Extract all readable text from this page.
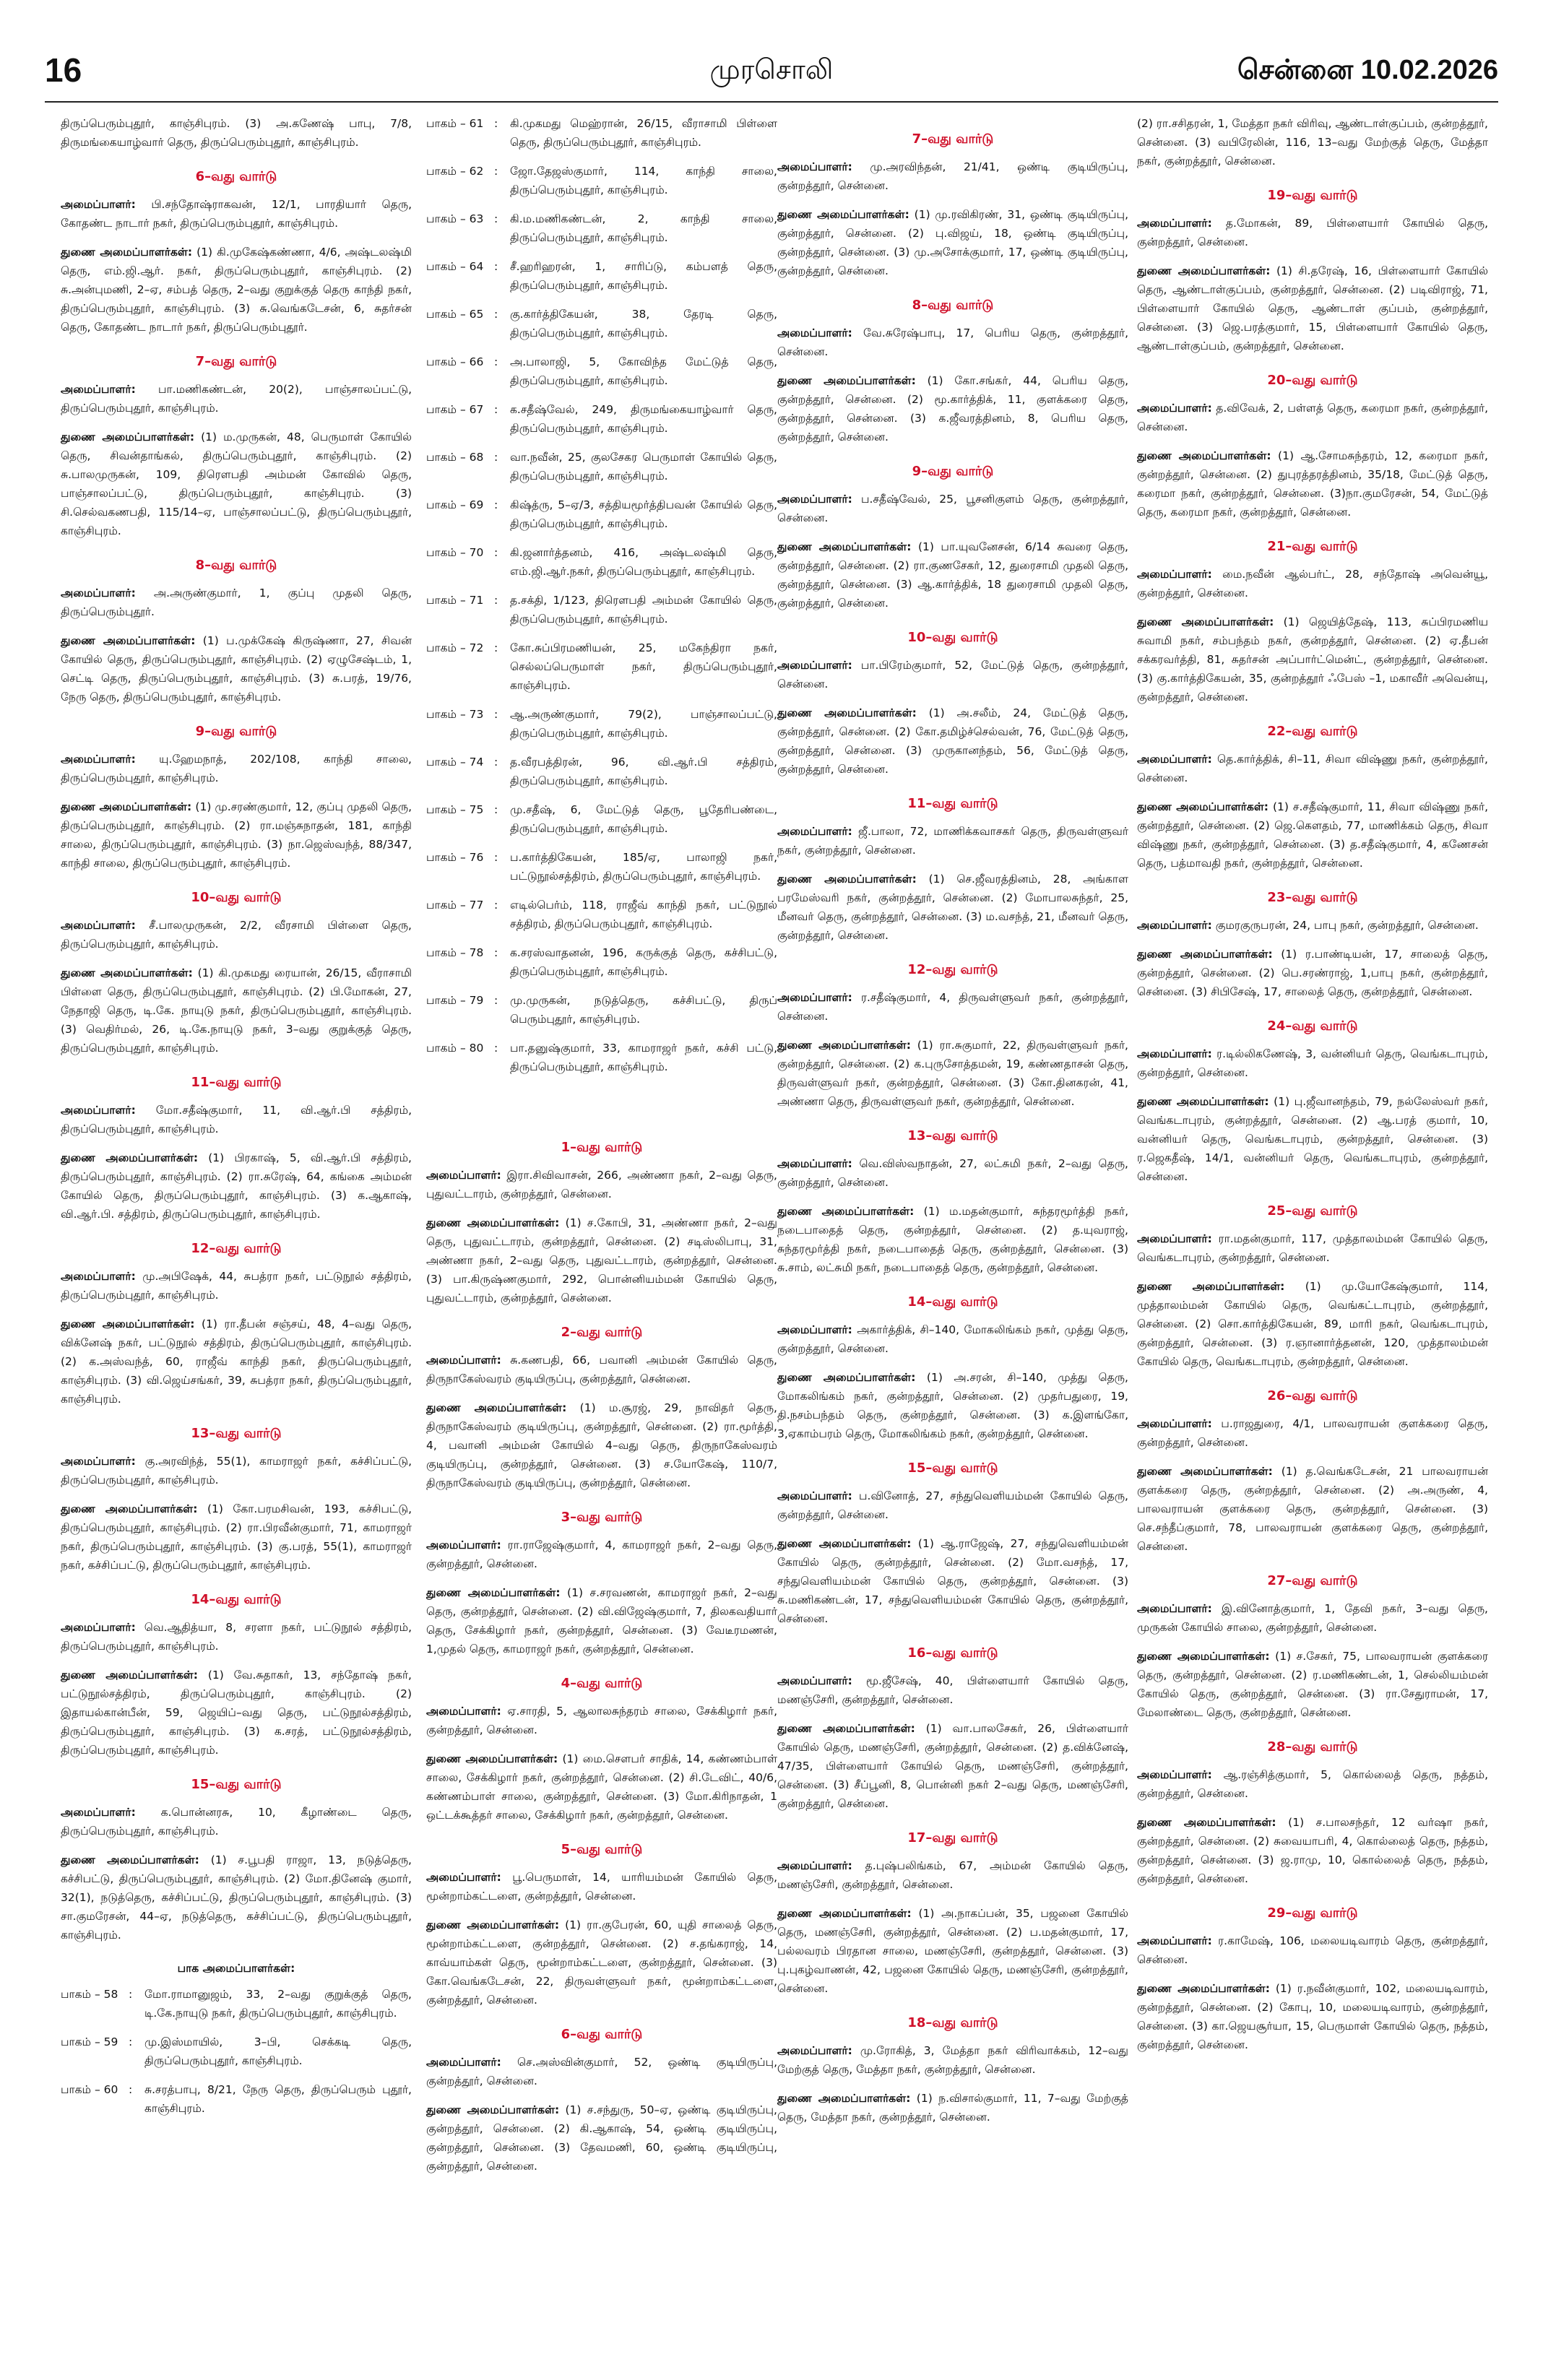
16	முரசொலி	சென்னை 10.02.2026

திருப்பெரும்புதூர், காஞ்சிபுரம். (3) அ.கணேஷ் பாபு, 7/8, திருமங்கையாழ்வார் தெரு, திருப்பெரும்புதூர், காஞ்சிபுரம்.

6–வது வார்டு

அமைப்பாளர்: பி.சந்தோஷ்ராகவன், 12/1, பாரதியார் தெரு, கோதண்ட நாடார் நகர், திருப்பெரும்புதூர், காஞ்சிபுரம்.

துணை அமைப்பாளர்கள்: (1) கி.முகேஷ்கண்ணா, 4/6, அஷ்டலஷ்மி தெரு, எம்.ஜி.ஆர். நகர், திருப்பெரும்புதூர், காஞ்சிபுரம். (2) சு.அன்புமணி, 2–ஏ, சம்பத் தெரு, 2–வது குறுக்குத் தெரு காந்தி நகர், திருப்பெரும்புதூர், காஞ்சிபுரம். (3) சு.வெங்கடேசன், 6, சுதர்சன் தெரு, கோதண்ட நாடார் நகர், திருப்பெரும்புதூர்.

7–வது வார்டு

அமைப்பாளர்: பா.மணிகண்டன், 20(2), பாஞ்சாலப்பட்டு, திருப்பெரும்புதூர், காஞ்சிபுரம்.

துணை அமைப்பாளர்கள்: (1) ம.முருகன், 48, பெருமாள் கோயில் தெரு, சிவன்தாங்கல், திருப்பெரும்புதூர், காஞ்சிபுரம். (2) சு.பாலமுருகன், 109, திரௌபதி அம்மன் கோவில் தெரு, பாஞ்சாலப்பட்டு, திருப்பெரும்புதூர், காஞ்சிபுரம். (3) சி.செல்வகணபதி, 115/14–ஏ, பாஞ்சாலப்பட்டு, திருப்பெரும்புதூர், காஞ்சிபுரம்.

8–வது வார்டு

அமைப்பாளர்: அ.அருண்குமார், 1, குப்பு முதலி தெரு, திருப்பெரும்புதூர்.

துணை அமைப்பாளர்கள்: (1) ப.முக்கேஷ் கிருஷ்ணா, 27, சிவன் கோயில் தெரு, திருப்பெரும்புதூர், காஞ்சிபுரம். (2) ஏழுசேஷ்டம், 1, செட்டி தெரு, திருப்பெரும்புதூர், காஞ்சிபுரம். (3) சு.பரத், 19/76, நேரு தெரு, திருப்பெரும்புதூர், காஞ்சிபுரம்.

9–வது வார்டு

அமைப்பாளர்: யு.ஹேமநாத், 202/108, காந்தி சாலை, திருப்பெரும்புதூர், காஞ்சிபுரம்.

துணை அமைப்பாளர்கள்: (1) மு.சரண்குமார், 12, குப்பு முதலி தெரு, திருப்பெரும்புதூர், காஞ்சிபுரம். (2) ரா.மஞ்சுநாதன், 181, காந்தி சாலை, திருப்பெரும்புதூர், காஞ்சிபுரம். (3) நா.ஜெஸ்வந்த், 88/347, காந்தி சாலை, திருப்பெரும்புதூர், காஞ்சிபுரம்.

10–வது வார்டு

அமைப்பாளர்: சீ.பாலமுருகன், 2/2, வீரசாமி பிள்ளை தெரு, திருப்பெரும்புதூர், காஞ்சிபுரம்.

துணை அமைப்பாளர்கள்: (1) கி.முகமது ரையான், 26/15, வீராசாமி பிள்ளை தெரு, திருப்பெரும்புதூர், காஞ்சிபுரம். (2) பி.மோகன், 27, நேதாஜி தெரு, டி.கே. நாயுடு நகர், திருப்பெரும்புதூர், காஞ்சிபுரம். (3) வெதிர்மல், 26, டி.கே.நாயுடு நகர், 3–வது குறுக்குத் தெரு, திருப்பெரும்புதூர், காஞ்சிபுரம்.

11–வது வார்டு

அமைப்பாளர்: மோ.சதீஷ்குமார், 11, வி.ஆர்.பி சத்திரம், திருப்பெரும்புதூர், காஞ்சிபுரம்.

துணை அமைப்பாளர்கள்: (1) பிரகாஷ், 5, வி.ஆர்.பி சத்திரம், திருப்பெரும்புதூர், காஞ்சிபுரம். (2) ரா.சுரேஷ், 64, கங்கை அம்மன் கோயில் தெரு, திருப்பெரும்புதூர், காஞ்சிபுரம். (3) க.ஆகாஷ், வி.ஆர்.பி. சத்திரம், திருப்பெரும்புதூர், காஞ்சிபுரம்.

12–வது வார்டு

அமைப்பாளர்: மு.அபிஷேக், 44, சுபத்ரா நகர், பட்டுநூல் சத்திரம், திருப்பெரும்புதூர், காஞ்சிபுரம்.

துணை அமைப்பாளர்கள்: (1) ரா.தீபன் சஞ்சய், 48, 4–வது தெரு, விக்னேஷ் நகர், பட்டுநூல் சத்திரம், திருப்பெரும்புதூர், காஞ்சிபுரம். (2) க.அஸ்வந்த், 60, ராஜீவ் காந்தி நகர், திருப்பெரும்புதூர், காஞ்சிபுரம். (3) வி.ஜெய்சங்கர், 39, சுபத்ரா நகர், திருப்பெரும்புதூர், காஞ்சிபுரம்.

13–வது வார்டு

அமைப்பாளர்: கு.அரவிந்த், 55(1), காமராஜர் நகர், கச்சிப்பட்டு, திருப்பெரும்புதூர், காஞ்சிபுரம்.

துணை அமைப்பாளர்கள்: (1) கோ.பரமசிவன், 193, கச்சிபட்டு, திருப்பெரும்புதூர், காஞ்சிபுரம். (2) ரா.பிரவீன்குமார், 71, காமராஜர் நகர், திருப்பெரும்புதூர், காஞ்சிபுரம். (3) கு.பரத், 55(1), காமராஜர் நகர், கச்சிப்பட்டு, திருப்பெரும்புதூர், காஞ்சிபுரம்.

14–வது வார்டு

அமைப்பாளர்: வெ.ஆதித்யா, 8, சரளா நகர், பட்டுநூல் சத்திரம், திருப்பெரும்புதூர், காஞ்சிபுரம்.

துணை அமைப்பாளர்கள்: (1) வே.சுதாகர், 13, சந்தோஷ் நகர், பட்டுநூல்சத்திரம், திருப்பெரும்புதூர், காஞ்சிபுரம். (2) இதாயல்கான்பீன், 59, ஜெயிப்–வது தெரு, பட்டுநூல்சத்திரம், திருப்பெரும்புதூர், காஞ்சிபுரம். (3) க.சரத், பட்டுநூல்சத்திரம், திருப்பெரும்புதூர், காஞ்சிபுரம்.

15–வது வார்டு

அமைப்பாளர்: க.பொன்னரசு, 10, கீழாண்டை தெரு, திருப்பெரும்புதூர், காஞ்சிபுரம்.

துணை அமைப்பாளர்கள்: (1) ச.பூபதி ராஜா, 13, நடுத்தெரு, கச்சிபட்டு, திருப்பெரும்புதூர், காஞ்சிபுரம். (2) மோ.தினேஷ் குமார், 32(1), நடுத்தெரு, கச்சிப்பட்டு, திருப்பெரும்புதூர், காஞ்சிபுரம். (3) சா.குமரேசன், 44–ஏ, நடுத்தெரு, கச்சிப்பட்டு, திருப்பெரும்புதூர், காஞ்சிபுரம்.

பாக அமைப்பாளர்கள்:
பாகம் – 58 :	மோ.ராமானுஜம், 33, 2–வது குறுக்குத் தெரு, டி.கே.நாயுடு நகர், திருப்பெரும்புதூர், காஞ்சிபுரம்.
பாகம் – 59 :	மு.இஸ்மாயில், 3–பி, செக்கடி தெரு, திருப்பெரும்புதூர், காஞ்சிபுரம்.
பாகம் – 60 :	சு.சரத்பாபு, 8/21, நேரு தெரு, திருப்பெரும் புதூர், காஞ்சிபுரம்.
பாகம் – 61 :	கி.முகமது மெஹ்ரான், 26/15, வீராசாமி பிள்ளை தெரு, திருப்பெரும்புதூர், காஞ்சிபுரம்.
பாகம் – 62 :	ஜோ.தேஜஸ்குமார், 114, காந்தி சாலை, திருப்பெரும்புதூர், காஞ்சிபுரம்.
பாகம் – 63 :	கி.ம.மணிகண்டன், 2, காந்தி சாலை, திருப்பெரும்புதூர், காஞ்சிபுரம்.
பாகம் – 64 :	சீ.ஹரிஹரன், 1, சாரிப்டு, கம்பளத் தெரு, திருப்பெரும்புதூர், காஞ்சிபுரம்.
பாகம் – 65 :	கு.கார்த்திகேயன், 38, தேரடி தெரு, திருப்பெரும்புதூர், காஞ்சிபுரம்.
பாகம் – 66 :	அ.பாலாஜி, 5, கோவிந்த மேட்டுத் தெரு, திருப்பெரும்புதூர், காஞ்சிபுரம்.
பாகம் – 67 :	க.சதீஷ்வேல், 249, திருமங்கையாழ்வார் தெரு, திருப்பெரும்புதூர், காஞ்சிபுரம்.
பாகம் – 68 :	வா.நவீன், 25, குலசேகர பெருமாள் கோயில் தெரு, திருப்பெரும்புதூர், காஞ்சிபுரம்.
பாகம் – 69 :	கிஷ்த்ரு, 5–ஏ/3, சத்தியமூர்த்திபவன் கோயில் தெரு, திருப்பெரும்புதூர், காஞ்சிபுரம்.
பாகம் – 70 :	கி.ஜனார்த்தனம், 416, அஷ்டலஷ்மி தெரு, எம்.ஜி.ஆர்.நகர், திருப்பெரும்புதூர், காஞ்சிபுரம்.
பாகம் – 71 :	த.சக்தி, 1/123, திரௌபதி அம்மன் கோயில் தெரு, திருப்பெரும்புதூர், காஞ்சிபுரம்.
பாகம் – 72 :	கோ.சுப்பிரமணியன், 25, மகேந்திரா நகர், செல்லப்பெருமாள் நகர், திருப்பெரும்புதூர், காஞ்சிபுரம்.
பாகம் – 73 :	ஆ.அருண்குமார், 79(2), பாஞ்சாலப்பட்டு, திருப்பெரும்புதூர், காஞ்சிபுரம்.
பாகம் – 74 :	த.வீரபத்திரன், 96, வி.ஆர்.பி சத்திரம், திருப்பெரும்புதூர், காஞ்சிபுரம்.
பாகம் – 75 :	மு.சதீஷ், 6, மேட்டுத் தெரு, பூதேரிபண்டை, திருப்பெரும்புதூர், காஞ்சிபுரம்.
பாகம் – 76 :	ப.கார்த்திகேயன், 185/ஏ, பாலாஜி நகர், பட்டுநூல்சத்திரம், திருப்பெரும்புதூர், காஞ்சிபுரம்.
பாகம் – 77 :	எடில்பெர்ம், 118, ராஜீவ் காந்தி நகர், பட்டுநூல் சத்திரம், திருப்பெரும்புதூர், காஞ்சிபுரம்.
பாகம் – 78 :	க.சரஸ்வாதனன், 196, கருக்குத் தெரு, கச்சிபட்டு, திருப்பெரும்புதூர், காஞ்சிபுரம்.
பாகம் – 79 :	மு.முருகன், நடுத்தெரு, கச்சிபட்டு, திருப் பெரும்புதூர், காஞ்சிபுரம்.
பாகம் – 80 :	பா.தனுஷ்குமார், 33, காமராஜர் நகர், கச்சி பட்டு, திருப்பெரும்புதூர், காஞ்சிபுரம்.
1–வது வார்டு

அமைப்பாளர்: இரா.சிவிவாசன், 266, அண்ணா நகர், 2–வது தெரு, புதுவட்டாரம், குன்றத்தூர், சென்னை.

துணை அமைப்பாளர்கள்: (1) ச.கோபி, 31, அண்ணா நகர், 2–வது தெரு, புதுவட்டாரம், குன்றத்தூர், சென்னை. (2) சடிஸ்லிபாபு, 31, அண்ணா நகர், 2–வது தெரு, புதுவட்டாரம், குன்றத்தூர், சென்னை. (3) பா.கிருஷ்ணகுமார், 292, பொன்னியம்மன் கோயில் தெரு, புதுவட்டாரம், குன்றத்தூர், சென்னை.

2–வது வார்டு

அமைப்பாளர்: சு.கணபதி, 66, பவானி அம்மன் கோயில் தெரு, திருநாகேஸ்வரம் குடியிருப்பு, குன்றத்தூர், சென்னை.

துணை அமைப்பாளர்கள்: (1) ம.சூரஜ், 29, நாவிதர் தெரு, திருநாகேஸ்வரம் குடியிருப்பு, குன்றத்தூர், சென்னை. (2) ரா.மூர்த்தி, 4, பவானி அம்மன் கோயில் 4–வது தெரு, திருநாகேஸ்வரம் குடியிருப்பு, குன்றத்தூர், சென்னை. (3) ச.யோகேஷ், 110/7, திருநாகேஸ்வரம் குடியிருப்பு, குன்றத்தூர், சென்னை.

3–வது வார்டு

அமைப்பாளர்: ரா.ராஜேஷ்குமார், 4, காமராஜர் நகர், 2–வது தெரு, குன்றத்தூர், சென்னை.

துணை அமைப்பாளர்கள்: (1) ச.சரவணன், காமராஜர் நகர், 2–வது தெரு, குன்றத்தூர், சென்னை. (2) வி.விஜேஷ்குமார், 7, திலகவதியார் தெரு, சேக்கிழார் நகர், குன்றத்தூர், சென்னை. (3) வேடீரமணன், 1,முதல் தெரு, காமராஜர் நகர், குன்றத்தூர், சென்னை.

4–வது வார்டு

அமைப்பாளர்: ஏ.சாரதி, 5, ஆலாலசுந்தரம் சாலை, சேக்கிழார் நகர், குன்றத்தூர், சென்னை.

துணை அமைப்பாளர்கள்: (1) மை.செளபர் சாதிக், 14, கண்ணம்பாள் சாலை, சேக்கிழார் நகர், குன்றத்தூர், சென்னை. (2) சி.டேவிட், 40/6, கண்ணம்பாள் சாலை, குன்றத்தூர், சென்னை. (3) மோ.கிரிநாதன், 1 ஒட்டக்கூத்தர் சாலை, சேக்கிழார் நகர், குன்றத்தூர், சென்னை.

5–வது வார்டு

அமைப்பாளர்: பூ.பெருமாள், 14, யாரியம்மன் கோயில் தெரு, மூன்றாம்கட்டளை, குன்றத்தூர், சென்னை.

துணை அமைப்பாளர்கள்: (1) ரா.குபேரன், 60, யுதி சாலைத் தெரு, மூன்றாம்கட்டளை, குன்றத்தூர், சென்னை. (2) ச.தங்கராஜ், 14, காவ்யாம்கள் தெரு, மூன்றாம்கட்டளை, குன்றத்தூர், சென்னை. (3) கோ.வெங்கடேசன், 22, திருவள்ளுவர் நகர், மூன்றாம்கட்டளை, குன்றத்தூர், சென்னை.

6–வது வார்டு

அமைப்பாளர்: செ.அஸ்வின்குமார், 52, ஒண்டி குடியிருப்பு, குன்றத்தூர், சென்னை.

துணை அமைப்பாளர்கள்: (1) ச.சந்துரு, 50–ஏ, ஒண்டி குடியிருப்பு, குன்றத்தூர், சென்னை. (2) கி.ஆகாஷ், 54, ஒண்டி குடியிருப்பு, குன்றத்தூர், சென்னை. (3) தேவமணி, 60, ஒண்டி குடியிருப்பு, குன்றத்தூர், சென்னை.

7–வது வார்டு

அமைப்பாளர்: மு.அரவிந்தன், 21/41, ஒண்டி குடியிருப்பு, குன்றத்தூர், சென்னை.

துணை அமைப்பாளர்கள்: (1) மு.ரவிகிரண், 31, ஒண்டி குடியிருப்பு, குன்றத்தூர், சென்னை. (2) பு.விஜய், 18, ஒண்டி குடியிருப்பு, குன்றத்தூர், சென்னை. (3) மு.அசோக்குமார், 17, ஒண்டி குடியிருப்பு, குன்றத்தூர், சென்னை.

8–வது வார்டு

அமைப்பாளர்: வே.சுரேஷ்பாபு, 17, பெரிய தெரு, குன்றத்தூர், சென்னை.

துணை அமைப்பாளர்கள்: (1) கோ.சங்கர், 44, பெரிய தெரு, குன்றத்தூர், சென்னை. (2) மூ.கார்த்திக், 11, குளக்கரை தெரு, குன்றத்தூர், சென்னை. (3) க.ஜீவரத்தினம், 8, பெரிய தெரு, குன்றத்தூர், சென்னை.

9–வது வார்டு

அமைப்பாளர்: ப.சதீஷ்வேல், 25, பூசனிகுளம் தெரு, குன்றத்தூர், சென்னை.

துணை அமைப்பாளர்கள்: (1) பா.யுவனேசன், 6/14 சுவரை தெரு, குன்றத்தூர், சென்னை. (2) ரா.குணசேகர், 12, துரைசாமி முதலி தெரு, குன்றத்தூர், சென்னை. (3) ஆ.கார்த்திக், 18 துரைசாமி முதலி தெரு, குன்றத்தூர், சென்னை.

10–வது வார்டு

அமைப்பாளர்: பா.பிரேம்குமார், 52, மேட்டுத் தெரு, குன்றத்தூர், சென்னை.

துணை அமைப்பாளர்கள்: (1) அ.சலீம், 24, மேட்டுத் தெரு, குன்றத்தூர், சென்னை. (2) கோ.தமிழ்ச்செல்வன், 76, மேட்டுத் தெரு, குன்றத்தூர், சென்னை. (3) முருகானந்தம், 56, மேட்டுத் தெரு, குன்றத்தூர், சென்னை.

11–வது வார்டு

அமைப்பாளர்: ஜீ.பாலா, 72, மாணிக்கவாசகர் தெரு, திருவள்ளுவர் நகர், குன்றத்தூர், சென்னை.

துணை அமைப்பாளர்கள்: (1) செ.ஜீவரத்தினம், 28, அங்காள பரமேஸ்வரி நகர், குன்றத்தூர், சென்னை. (2) மோபாலசுந்தர், 25, மீனவர் தெரு, குன்றத்தூர், சென்னை. (3) ம.வசந்த், 21, மீனவர் தெரு, குன்றத்தூர், சென்னை.

12–வது வார்டு

அமைப்பாளர்: ர.சதீஷ்குமார், 4, திருவள்ளுவர் நகர், குன்றத்தூர், சென்னை.

துணை அமைப்பாளர்கள்: (1) ரா.சுகுமார், 22, திருவள்ளுவர் நகர், குன்றத்தூர், சென்னை. (2) க.புருசோத்தமன், 19, கண்ணதாசன் தெரு, திருவள்ளுவர் நகர், குன்றத்தூர், சென்னை. (3) கோ.தினகரன், 41, அண்ணா தெரு, திருவள்ளுவர் நகர், குன்றத்தூர், சென்னை.

13–வது வார்டு

அமைப்பாளர்: வெ.விஸ்வநாதன், 27, லட்சுமி நகர், 2–வது தெரு, குன்றத்தூர், சென்னை.

துணை அமைப்பாளர்கள்: (1) ம.மதன்குமார், சுந்தரமூர்த்தி நகர், நடைபாதைத் தெரு, குன்றத்தூர், சென்னை. (2) த.யுவராஜ், சுந்தரமூர்த்தி நகர், நடைபாதைத் தெரு, குன்றத்தூர், சென்னை. (3) சு.சாம், லட்சுமி நகர், நடைபாதைத் தெரு, குன்றத்தூர், சென்னை.

14–வது வார்டு

அமைப்பாளர்: அகார்த்திக், சி–140, மோகலிங்கம் நகர், முத்து தெரு, குன்றத்தூர், சென்னை.

துணை அமைப்பாளர்கள்: (1) அ.சரன், சி–140, முத்து தெரு, மோகலிங்கம் நகர், குன்றத்தூர், சென்னை. (2) முதர்பதுரை, 19, தி.நசம்பந்தம் தெரு, குன்றத்தூர், சென்னை. (3) க.இளங்கோ, 3,ஏகாம்பரம் தெரு, மோகலிங்கம் நகர், குன்றத்தூர், சென்னை.

15–வது வார்டு

அமைப்பாளர்: ப.வினோத், 27, சந்துவெளியம்மன் கோயில் தெரு, குன்றத்தூர், சென்னை.

துணை அமைப்பாளர்கள்: (1) ஆ.ராஜேஷ், 27, சந்துவெளியம்மன் கோயில் தெரு, குன்றத்தூர், சென்னை. (2) மோ.வசந்த், 17, சந்துவெளியம்மன் கோயில் தெரு, குன்றத்தூர், சென்னை. (3) சு.மணிகண்டன், 17, சந்துவெளியம்மன் கோயில் தெரு, குன்றத்தூர், சென்னை.

16–வது வார்டு

அமைப்பாளர்: மூ.ஜீசேஷ், 40, பிள்ளையார் கோயில் தெரு, மணஞ்சேரி, குன்றத்தூர், சென்னை.

துணை அமைப்பாளர்கள்: (1) வா.பாலசேகர், 26, பிள்ளையார் கோயில் தெரு, மணஞ்சேரி, குன்றத்தூர், சென்னை. (2) த.விக்னேஷ், 47/35, பிள்ளையார் கோயில் தெரு, மணஞ்சேரி, குன்றத்தூர், சென்னை. (3) சீப்பூனி, 8, பொன்னி நகர் 2–வது தெரு, மணஞ்சேரி, குன்றத்தூர், சென்னை.

17–வது வார்டு

அமைப்பாளர்: த.புஷ்பலிங்கம், 67, அம்மன் கோயில் தெரு, மணஞ்சேரி, குன்றத்தூர், சென்னை.

துணை அமைப்பாளர்கள்: (1) அ.நாகப்பன், 35, பஜனை கோயில் தெரு, மணஞ்சேரி, குன்றத்தூர், சென்னை. (2) ப.மதன்குமார், 17, பல்லவரம் பிரதான சாலை, மணஞ்சேரி, குன்றத்தூர், சென்னை. (3) பு.புகழ்வாணன், 42, பஜனை கோயில் தெரு, மணஞ்சேரி, குன்றத்தூர், சென்னை.

18–வது வார்டு

அமைப்பாளர்: மு.ரோகித், 3, மேத்தா நகர் விரிவாக்கம், 12–வது மேற்குத் தெரு, மேத்தா நகர், குன்றத்தூர், சென்னை.

துணை அமைப்பாளர்கள்: (1) ந.விசால்குமார், 11, 7–வது மேற்குத் தெரு, மேத்தா நகர், குன்றத்தூர், சென்னை.

(2) ரா.சசிதரன், 1, மேத்தா நகர் விரிவு, ஆண்டாள்குப்பம், குன்றத்தூர், சென்னை. (3) வபிரேலின், 116, 13–வது மேற்குத் தெரு, மேத்தா நகர், குன்றத்தூர், சென்னை.

19–வது வார்டு

அமைப்பாளர்: த.மோகன், 89, பிள்ளையார் கோயில் தெரு, குன்றத்தூர், சென்னை.

துணை அமைப்பாளர்கள்: (1) சி.தரேஷ், 16, பிள்ளையார் கோயில் தெரு, ஆண்டாள்குப்பம், குன்றத்தூர், சென்னை. (2) படிவிராஜ், 71, பிள்ளையார் கோயில் தெரு, ஆண்டாள் குப்பம், குன்றத்தூர், சென்னை. (3) ஜெ.பரத்குமார், 15, பிள்ளையார் கோயில் தெரு, ஆண்டாள்குப்பம், குன்றத்தூர், சென்னை.

20–வது வார்டு

அமைப்பாளர்: த.விவேக், 2, பள்ளத் தெரு, கரைமா நகர், குன்றத்தூர், சென்னை.

துணை அமைப்பாளர்கள்: (1) ஆ.சோமசுந்தரம், 12, கரைமா நகர், குன்றத்தூர், சென்னை. (2) துபுரத்தரத்தினம், 35/18, மேட்டுத் தெரு, கரைமா நகர், குன்றத்தூர், சென்னை. (3)நா.குமரேசன், 54, மேட்டுத் தெரு, கரைமா நகர், குன்றத்தூர், சென்னை.

21–வது வார்டு

அமைப்பாளர்: மை.நவீன் ஆல்பர்ட், 28, சந்தோஷ் அவென்யூ, குன்றத்தூர், சென்னை.

துணை அமைப்பாளர்கள்: (1) ஜெயித்தேஷ், 113, சுப்பிரமணிய சுவாமி நகர், சம்பந்தம் நகர், குன்றத்தூர், சென்னை. (2) ஏ.தீபன் சக்கரவர்த்தி, 81, சுதர்சன் அப்பார்ட்மென்ட், குன்றத்தூர், சென்னை. (3) கு.கார்த்திகேயன், 35, குன்றத்தூர் ஃபேஸ் –1, மகாவீர் அவென்யு, குன்றத்தூர், சென்னை.

22–வது வார்டு

அமைப்பாளர்: தெ.கார்த்திக், சி–11, சிவா விஷ்ணு நகர், குன்றத்தூர், சென்னை.

துணை அமைப்பாளர்கள்: (1) ச.சதீஷ்குமார், 11, சிவா விஷ்ணு நகர், குன்றத்தூர், சென்னை. (2) ஜெ.கௌதம், 77, மாணிக்கம் தெரு, சிவா விஷ்ணு நகர், குன்றத்தூர், சென்னை. (3) த.சதீஷ்குமார், 4, கணேசன் தெரு, பத்மாவதி நகர், குன்றத்தூர், சென்னை.

23–வது வார்டு

அமைப்பாளர்: குமரகுருபரன், 24, பாபு நகர், குன்றத்தூர், சென்னை.

துணை அமைப்பாளர்கள்: (1) ர.பாண்டியன், 17, சாலைத் தெரு, குன்றத்தூர், சென்னை. (2) பெ.சரண்ராஜ், 1,பாபு நகர், குன்றத்தூர், சென்னை. (3) சிபிசேஷ், 17, சாலைத் தெரு, குன்றத்தூர், சென்னை.

24–வது வார்டு

அமைப்பாளர்: ர.டில்லிகணேஷ், 3, வன்னியர் தெரு, வெங்கடாபுரம், குன்றத்தூர், சென்னை.

துணை அமைப்பாளர்கள்: (1) பு.ஜீவானந்தம், 79, நல்லேஸ்வர் நகர், வெங்கடாபுரம், குன்றத்தூர், சென்னை. (2) ஆ.பரத் குமார், 10, வன்னியர் தெரு, வெங்கடாபுரம், குன்றத்தூர், சென்னை. (3) ர.ஜெகதீஷ், 14/1, வன்னியர் தெரு, வெங்கடாபுரம், குன்றத்தூர், சென்னை.

25–வது வார்டு

அமைப்பாளர்: ரா.மதன்குமார், 117, முத்தாலம்மன் கோயில் தெரு, வெங்கடாபுரம், குன்றத்தூர், சென்னை.

துணை அமைப்பாளர்கள்: (1) மு.யோகேஷ்குமார், 114, முத்தாலம்மன் கோயில் தெரு, வெங்கட்டாபுரம், குன்றத்தூர், சென்னை. (2) சொ.கார்த்திகேயன், 89, மாரி நகர், வெங்கடாபுரம், குன்றத்தூர், சென்னை. (3) ர.ஞானார்த்தனன், 120, முத்தாலம்மன் கோயில் தெரு, வெங்கடாபுரம், குன்றத்தூர், சென்னை.

26–வது வார்டு

அமைப்பாளர்: ப.ராஜதுரை, 4/1, பாலவராயன் குளக்கரை தெரு, குன்றத்தூர், சென்னை.

துணை அமைப்பாளர்கள்: (1) த.வெங்கடேசன், 21 பாலவராயன் குளக்கரை தெரு, குன்றத்தூர், சென்னை. (2) அ.அருண், 4, பாலவராயன் குளக்கரை தெரு, குன்றத்தூர், சென்னை. (3) செ.சந்தீப்குமார், 78, பாலவராயன் குளக்கரை தெரு, குன்றத்தூர், சென்னை.

27–வது வார்டு

அமைப்பாளர்: இ.வினோத்குமார், 1, தேவி நகர், 3–வது தெரு, முருகன் கோயில் சாலை, குன்றத்தூர், சென்னை.

துணை அமைப்பாளர்கள்: (1) ச.சேகர், 75, பாலவராயன் குளக்கரை தெரு, குன்றத்தூர், சென்னை. (2) ர.மணிகண்டன், 1, செல்லியம்மன் கோயில் தெரு, குன்றத்தூர், சென்னை. (3) ரா.சேதுராமன், 17, மேலாண்டை தெரு, குன்றத்தூர், சென்னை.

28–வது வார்டு

அமைப்பாளர்: ஆ.ரஞ்சித்குமார், 5, கொல்லைத் தெரு, நத்தம், குன்றத்தூர், சென்னை.

துணை அமைப்பாளர்கள்: (1) ச.பாலசந்தர், 12 வர்ஷா நகர், குன்றத்தூர், சென்னை. (2) சுவையாபரி, 4, கொல்லைத் தெரு, நத்தம், குன்றத்தூர், சென்னை. (3) ஜ.ராமு, 10, கொல்லைத் தெரு, நத்தம், குன்றத்தூர், சென்னை.

29–வது வார்டு

அமைப்பாளர்: ர.காமேஷ், 106, மலையடிவாரம் தெரு, குன்றத்தூர், சென்னை.

துணை அமைப்பாளர்கள்: (1) ர.நவீன்குமார், 102, மலையடிவாரம், குன்றத்தூர், சென்னை. (2) கோபு, 10, மலையடிவாரம், குன்றத்தூர், சென்னை. (3) கா.ஜெயசூர்யா, 15, பெருமாள் கோயில் தெரு, நத்தம், குன்றத்தூர், சென்னை.
